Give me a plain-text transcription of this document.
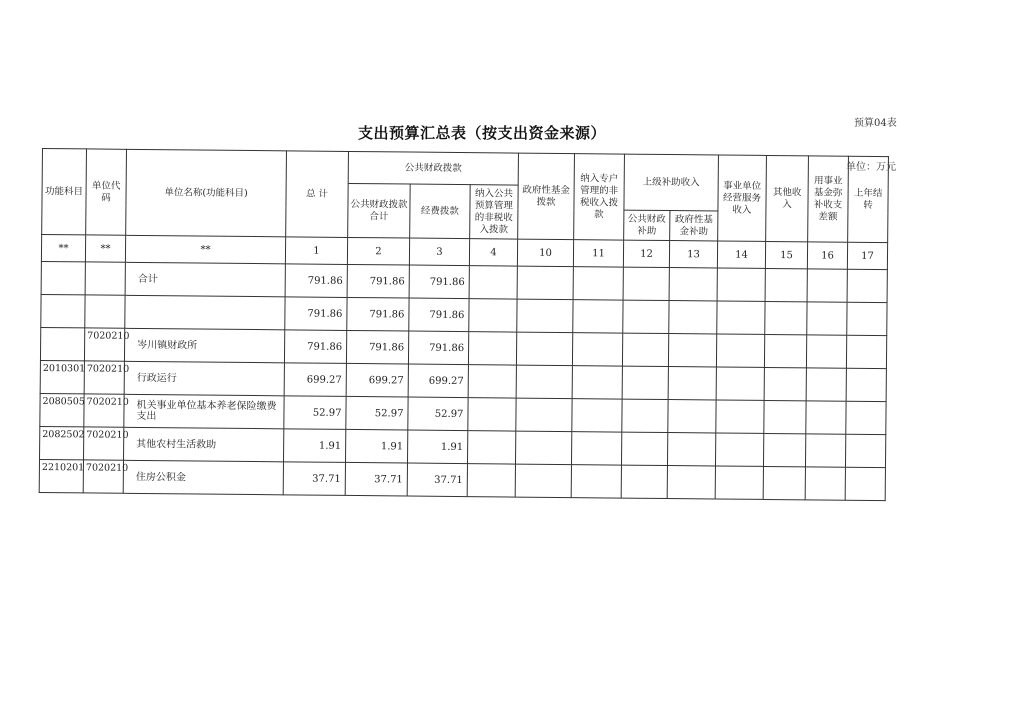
预算04表
支出预算汇总表（按支出资金来源）
单位：万元
功能科目	单位代码	单位名称(功能科目)	总 计	公共财政拨款			政府性基金拨款	纳入专户管理的非税收入拨款	上级补助收入		事业单位经营服务收入	其他收入	用事业基金弥补收支差额	上年结转
				公共财政拨款合计	经费拨款	纳入公共预算管理的非税收入拨款								
									公共财政补助	政府性基金补助				
**	**	**	1	2	3	4	10	11	12	13	14	15	16	17
		合计	791.86	791.86	791.86									
			791.86	791.86	791.86									
	7020210	岑川镇财政所	791.86	791.86	791.86									
2010301	7020210	行政运行	699.27	699.27	699.27									
2080505	7020210	机关事业单位基本养老保险缴费支出	52.97	52.97	52.97									
2082502	7020210	其他农村生活救助	1.91	1.91	1.91									
2210201	7020210	住房公积金	37.71	37.71	37.71									
